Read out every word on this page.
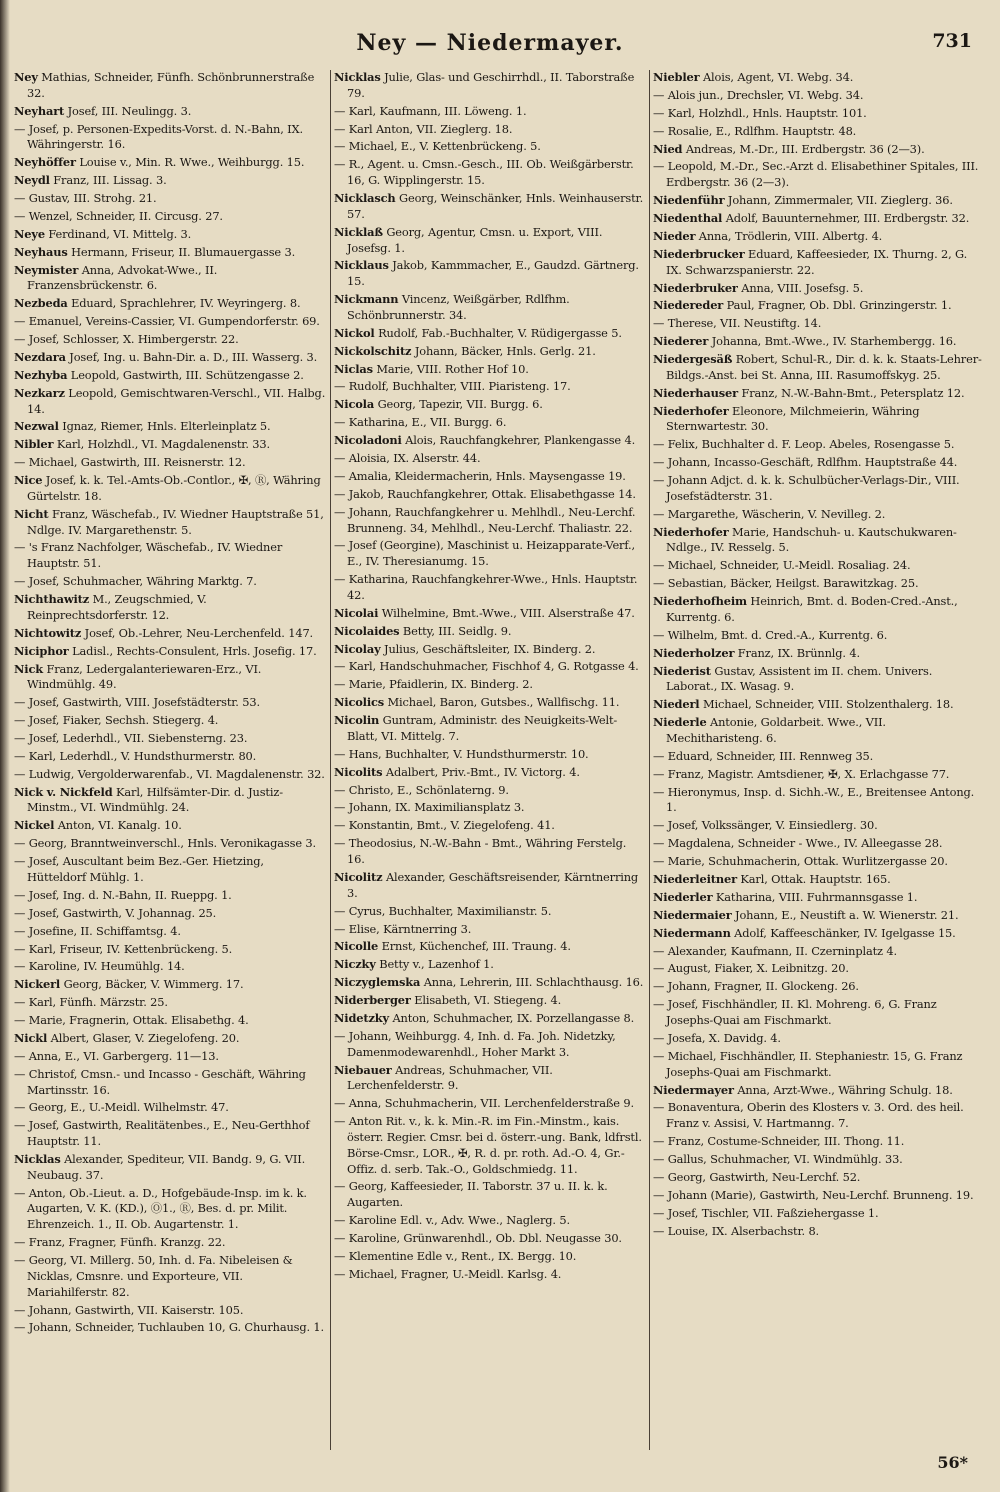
Ney — Niedermayer.	731

Ney Mathias, Schneider, Fünfh. Schönbrunnerstraße 32.

Neyhart Josef, III. Neulingg. 3.

— Josef, p. Personen-Expedits-Vorst. d. N.-Bahn, IX. Währingerstr. 16.

Neyhöffer Louise v., Min. R. Wwe., Weihburgg. 15.

Neydl Franz, III. Lissag. 3.

— Gustav, III. Strohg. 21.

— Wenzel, Schneider, II. Circusg. 27.

Neye Ferdinand, VI. Mittelg. 3.

Neyhaus Hermann, Friseur, II. Blumauergasse 3.

Neymister Anna, Advokat-Wwe., II. Franzensbrückenstr. 6.

Nezbeda Eduard, Sprachlehrer, IV. Weyringerg. 8.

— Emanuel, Vereins-Cassier, VI. Gumpendorferstr. 69.

— Josef, Schlosser, X. Himbergerstr. 22.

Nezdara Josef, Ing. u. Bahn-Dir. a. D., III. Wasserg. 3.

Nezhyba Leopold, Gastwirth, III. Schützengasse 2.

Nezkarz Leopold, Gemischtwaren-Verschl., VII. Halbg. 14.

Nezwal Ignaz, Riemer, Hnls. Elterleinplatz 5.

Nibler Karl, Holzhdl., VI. Magdalenenstr. 33.

— Michael, Gastwirth, III. Reisnerstr. 12.

Nice Josef, k. k. Tel.-Amts-Ob.-Contlor., ✠, Ⓡ, Währing Gürtelstr. 18.

Nicht Franz, Wäschefab., IV. Wiedner Hauptstraße 51, Ndlge. IV. Margarethenstr. 5.

— 's Franz Nachfolger, Wäschefab., IV. Wiedner Hauptstr. 51.

— Josef, Schuhmacher, Währing Marktg. 7.

Nichthawitz M., Zeugschmied, V. Reinprechtsdorferstr. 12.

Nichtowitz Josef, Ob.-Lehrer, Neu-Lerchenfeld. 147.

Niciphor Ladisl., Rechts-Consulent, Hrls. Josefig. 17.

Nick Franz, Ledergalanteriewaren-Erz., VI. Windmühlg. 49.

— Josef, Gastwirth, VIII. Josefstädterstr. 53.

— Josef, Fiaker, Sechsh. Stiegerg. 4.

— Josef, Lederhdl., VII. Siebensterng. 23.

— Karl, Lederhdl., V. Hundsthurmerstr. 80.

— Ludwig, Vergolderwarenfab., VI. Magdalenenstr. 32.

Nick v. Nickfeld Karl, Hilfsämter-Dir. d. Justiz-Minstm., VI. Windmühlg. 24.

Nickel Anton, VI. Kanalg. 10.

— Georg, Branntweinverschl., Hnls. Veronikagasse 3.

— Josef, Auscultant beim Bez.-Ger. Hietzing, Hütteldorf Mühlg. 1.

— Josef, Ing. d. N.-Bahn, II. Rueppg. 1.

— Josef, Gastwirth, V. Johannag. 25.

— Josefine, II. Schiffamtsg. 4.

— Karl, Friseur, IV. Kettenbrückeng. 5.

— Karoline, IV. Heumühlg. 14.

Nickerl Georg, Bäcker, V. Wimmerg. 17.

— Karl, Fünfh. Märzstr. 25.

— Marie, Fragnerin, Ottak. Elisabethg. 4.

Nickl Albert, Glaser, V. Ziegelofeng. 20.

— Anna, E., VI. Garbergerg. 11—13.

— Christof, Cmsn.- und Incasso - Geschäft, Währing Martinsstr. 16.

— Georg, E., U.-Meidl. Wilhelmstr. 47.

— Josef, Gastwirth, Realitätenbes., E., Neu-Gerthhof Hauptstr. 11.

Nicklas Alexander, Spediteur, VII. Bandg. 9, G. VII. Neubaug. 37.

— Anton, Ob.-Lieut. a. D., Hofgebäude-Insp. im k. k. Augarten, V. K. (KD.), Ⓞ1., Ⓡ, Bes. d. pr. Milit. Ehrenzeich. 1., II. Ob. Augartenstr. 1.

— Franz, Fragner, Fünfh. Kranzg. 22.

— Georg, VI. Millerg. 50, Inh. d. Fa. Nibeleisen & Nicklas, Cmsnre. und Exporteure, VII. Mariahilferstr. 82.

— Johann, Gastwirth, VII. Kaiserstr. 105.

— Johann, Schneider, Tuchlauben 10, G. Churhausg. 1.

Nicklas Julie, Glas- und Geschirrhdl., II. Taborstraße 79.

— Karl, Kaufmann, III. Löweng. 1.

— Karl Anton, VII. Zieglerg. 18.

— Michael, E., V. Kettenbrückeng. 5.

— R., Agent. u. Cmsn.-Gesch., III. Ob. Weißgärberstr. 16, G. Wipplingerstr. 15.

Nicklasch Georg, Weinschänker, Hnls. Weinhauserstr. 57.

Nicklaß Georg, Agentur, Cmsn. u. Export, VIII. Josefsg. 1.

Nicklaus Jakob, Kammmacher, E., Gaudzd. Gärtnerg. 15.

Nickmann Vincenz, Weißgärber, Rdlfhm. Schönbrunnerstr. 34.

Nickol Rudolf, Fab.-Buchhalter, V. Rüdigergasse 5.

Nickolschitz Johann, Bäcker, Hnls. Gerlg. 21.

Niclas Marie, VIII. Rother Hof 10.

— Rudolf, Buchhalter, VIII. Piaristeng. 17.

Nicola Georg, Tapezir, VII. Burgg. 6.

— Katharina, E., VII. Burgg. 6.

Nicoladoni Alois, Rauchfangkehrer, Plankengasse 4.

— Aloisia, IX. Alserstr. 44.

— Amalia, Kleidermacherin, Hnls. Maysengasse 19.

— Jakob, Rauchfangkehrer, Ottak. Elisabethgasse 14.

— Johann, Rauchfangkehrer u. Mehlhdl., Neu-Lerchf. Brunneng. 34, Mehlhdl., Neu-Lerchf. Thaliastr. 22.

— Josef (Georgine), Maschinist u. Heizapparate-Verf., E., IV. Theresianumg. 15.

— Katharina, Rauchfangkehrer-Wwe., Hnls. Hauptstr. 42.

Nicolai Wilhelmine, Bmt.-Wwe., VIII. Alserstraße 47.

Nicolaides Betty, III. Seidlg. 9.

Nicolay Julius, Geschäftsleiter, IX. Binderg. 2.

— Karl, Handschuhmacher, Fischhof 4, G. Rotgasse 4.

— Marie, Pfaidlerin, IX. Binderg. 2.

Nicolics Michael, Baron, Gutsbes., Wallfischg. 11.

Nicolin Guntram, Administr. des Neuigkeits-Welt-Blatt, VI. Mittelg. 7.

— Hans, Buchhalter, V. Hundsthurmerstr. 10.

Nicolits Adalbert, Priv.-Bmt., IV. Victorg. 4.

— Christo, E., Schönlaterng. 9.

— Johann, IX. Maximiliansplatz 3.

— Konstantin, Bmt., V. Ziegelofeng. 41.

— Theodosius, N.-W.-Bahn - Bmt., Währing Ferstelg. 16.

Nicolitz Alexander, Geschäftsreisender, Kärntnerring 3.

— Cyrus, Buchhalter, Maximilianstr. 5.

— Elise, Kärntnerring 3.

Nicolle Ernst, Küchenchef, III. Traung. 4.

Niczky Betty v., Lazenhof 1.

Niczyglemska Anna, Lehrerin, III. Schlachthausg. 16.

Niderberger Elisabeth, VI. Stiegeng. 4.

Nidetzky Anton, Schuhmacher, IX. Porzellangasse 8.

— Johann, Weihburgg. 4, Inh. d. Fa. Joh. Nidetzky, Damenmodewarenhdl., Hoher Markt 3.

Niebauer Andreas, Schuhmacher, VII. Lerchenfelderstr. 9.

— Anna, Schuhmacherin, VII. Lerchenfelderstraße 9.

— Anton Rit. v., k. k. Min.-R. im Fin.-Minstm., kais. österr. Regier. Cmsr. bei d. österr.-ung. Bank, ldfrstl. Börse-Cmsr., LOR., ✠, R. d. pr. roth. Ad.-O. 4, Gr.-Offiz. d. serb. Tak.-O., Goldschmiedg. 11.

— Georg, Kaffeesieder, II. Taborstr. 37 u. II. k. k. Augarten.

— Karoline Edl. v., Adv. Wwe., Naglerg. 5.

— Karoline, Grünwarenhdl., Ob. Dbl. Neugasse 30.

— Klementine Edle v., Rent., IX. Bergg. 10.

— Michael, Fragner, U.-Meidl. Karlsg. 4.

Niebler Alois, Agent, VI. Webg. 34.

— Alois jun., Drechsler, VI. Webg. 34.

— Karl, Holzhdl., Hnls. Hauptstr. 101.

— Rosalie, E., Rdlfhm. Hauptstr. 48.

Nied Andreas, M.-Dr., III. Erdbergstr. 36 (2—3).

— Leopold, M.-Dr., Sec.-Arzt d. Elisabethiner Spitales, III. Erdbergstr. 36 (2—3).

Niedenführ Johann, Zimmermaler, VII. Zieglerg. 36.

Niedenthal Adolf, Bauunternehmer, III. Erdbergstr. 32.

Nieder Anna, Trödlerin, VIII. Albertg. 4.

Niederbrucker Eduard, Kaffeesieder, IX. Thurng. 2, G. IX. Schwarzspanierstr. 22.

Niederbruker Anna, VIII. Josefsg. 5.

Niedereder Paul, Fragner, Ob. Dbl. Grinzingerstr. 1.

— Therese, VII. Neustiftg. 14.

Niederer Johanna, Bmt.-Wwe., IV. Starhembergg. 16.

Niedergesäß Robert, Schul-R., Dir. d. k. k. Staats-Lehrer-Bildgs.-Anst. bei St. Anna, III. Rasumoffskyg. 25.

Niederhauser Franz, N.-W.-Bahn-Bmt., Petersplatz 12.

Niederhofer Eleonore, Milchmeierin, Währing Sternwartestr. 30.

— Felix, Buchhalter d. F. Leop. Abeles, Rosengasse 5.

— Johann, Incasso-Geschäft, Rdlfhm. Hauptstraße 44.

— Johann Adjct. d. k. k. Schulbücher-Verlags-Dir., VIII. Josefstädterstr. 31.

— Margarethe, Wäscherin, V. Nevilleg. 2.

Niederhofer Marie, Handschuh- u. Kautschukwaren-Ndlge., IV. Resselg. 5.

— Michael, Schneider, U.-Meidl. Rosaliag. 24.

— Sebastian, Bäcker, Heilgst. Barawitzkag. 25.

Niederhofheim Heinrich, Bmt. d. Boden-Cred.-Anst., Kurrentg. 6.

— Wilhelm, Bmt. d. Cred.-A., Kurrentg. 6.

Niederholzer Franz, IX. Brünnlg. 4.

Niederist Gustav, Assistent im II. chem. Univers. Laborat., IX. Wasag. 9.

Niederl Michael, Schneider, VIII. Stolzenthalerg. 18.

Niederle Antonie, Goldarbeit. Wwe., VII. Mechitharisteng. 6.

— Eduard, Schneider, III. Rennweg 35.

— Franz, Magistr. Amtsdiener, ✠, X. Erlachgasse 77.

— Hieronymus, Insp. d. Sichh.-W., E., Breitensee Antong. 1.

— Josef, Volkssänger, V. Einsiedlerg. 30.

— Magdalena, Schneider - Wwe., IV. Alleegasse 28.

— Marie, Schuhmacherin, Ottak. Wurlitzergasse 20.

Niederleitner Karl, Ottak. Hauptstr. 165.

Niederler Katharina, VIII. Fuhrmannsgasse 1.

Niedermaier Johann, E., Neustift a. W. Wienerstr. 21.

Niedermann Adolf, Kaffeeschänker, IV. Igelgasse 15.

— Alexander, Kaufmann, II. Czerninplatz 4.

— August, Fiaker, X. Leibnitzg. 20.

— Johann, Fragner, II. Glockeng. 26.

— Josef, Fischhändler, II. Kl. Mohreng. 6, G. Franz Josephs-Quai am Fischmarkt.

— Josefa, X. Davidg. 4.

— Michael, Fischhändler, II. Stephaniestr. 15, G. Franz Josephs-Quai am Fischmarkt.

Niedermayer Anna, Arzt-Wwe., Währing Schulg. 18.

— Bonaventura, Oberin des Klosters v. 3. Ord. des heil. Franz v. Assisi, V. Hartmanng. 7.

— Franz, Costume-Schneider, III. Thong. 11.

— Gallus, Schuhmacher, VI. Windmühlg. 33.

— Georg, Gastwirth, Neu-Lerchf. 52.

— Johann (Marie), Gastwirth, Neu-Lerchf. Brunneng. 19.

— Josef, Tischler, VII. Faßziehergasse 1.

— Louise, IX. Alserbachstr. 8.

56*
